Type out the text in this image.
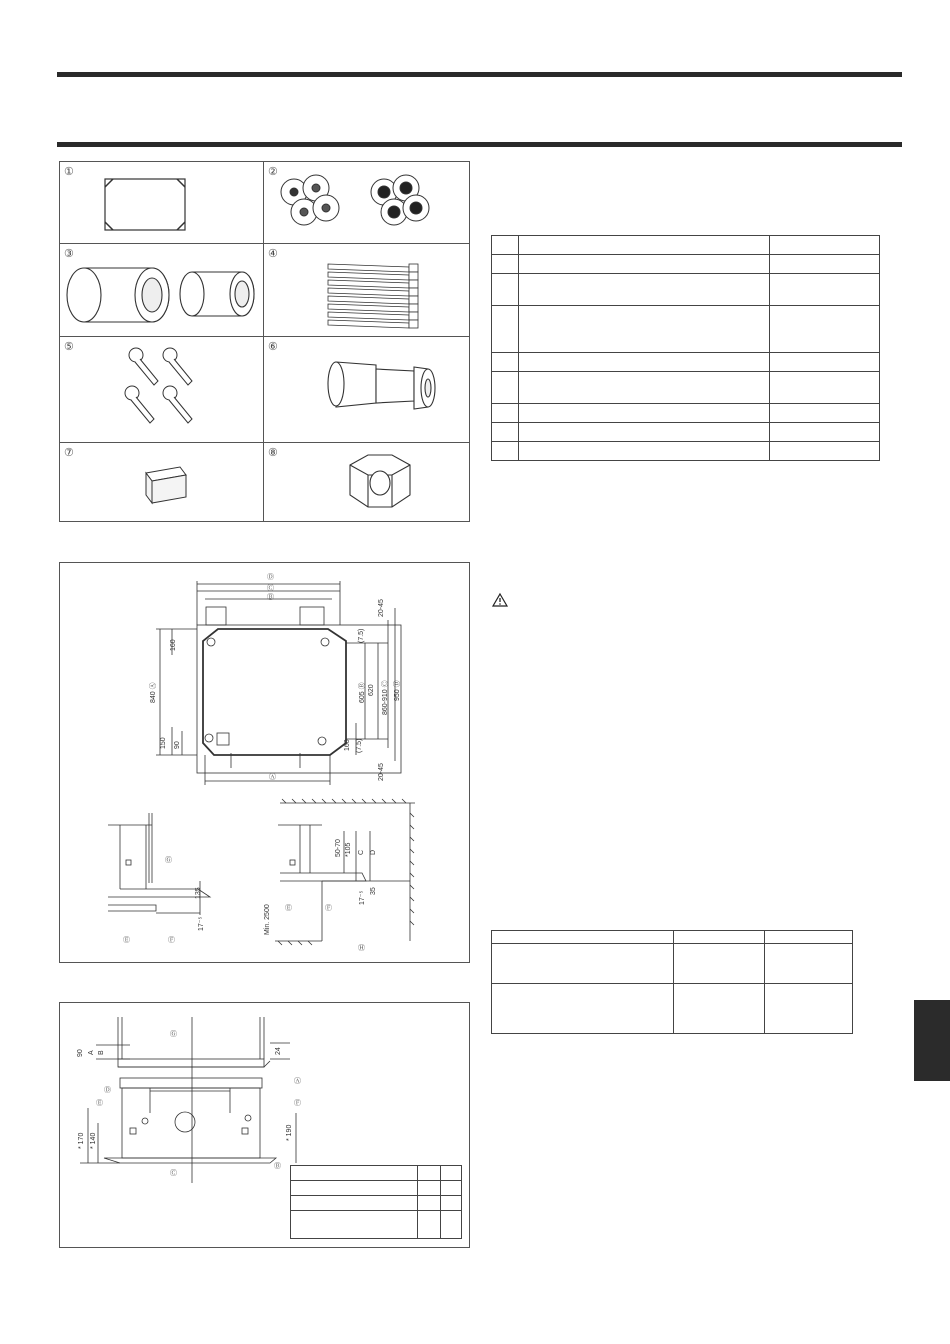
①	②
③	④
⑤	⑥
⑦	⑧

Ⓓ
Ⓒ
Ⓑ
160
840 Ⓐ
150 90
20-45
(7.5)
605 Ⓑ 620 860-910 Ⓒ 950 Ⓓ
160 (7.5)
20-45
Ⓐ
Ⓖ
135
17⁻⁵
Ⓔ	Ⓕ
50-70 *105 C D
17⁻⁵ 35
Min. 2500 Ⓔ	Ⓕ
Ⓗ
Ⓖ
90 A B	24
Ⓓ
Ⓔ
Ⓐ
Ⓕ
* 170 * 140	* 190
Ⓒ
Ⓑ
